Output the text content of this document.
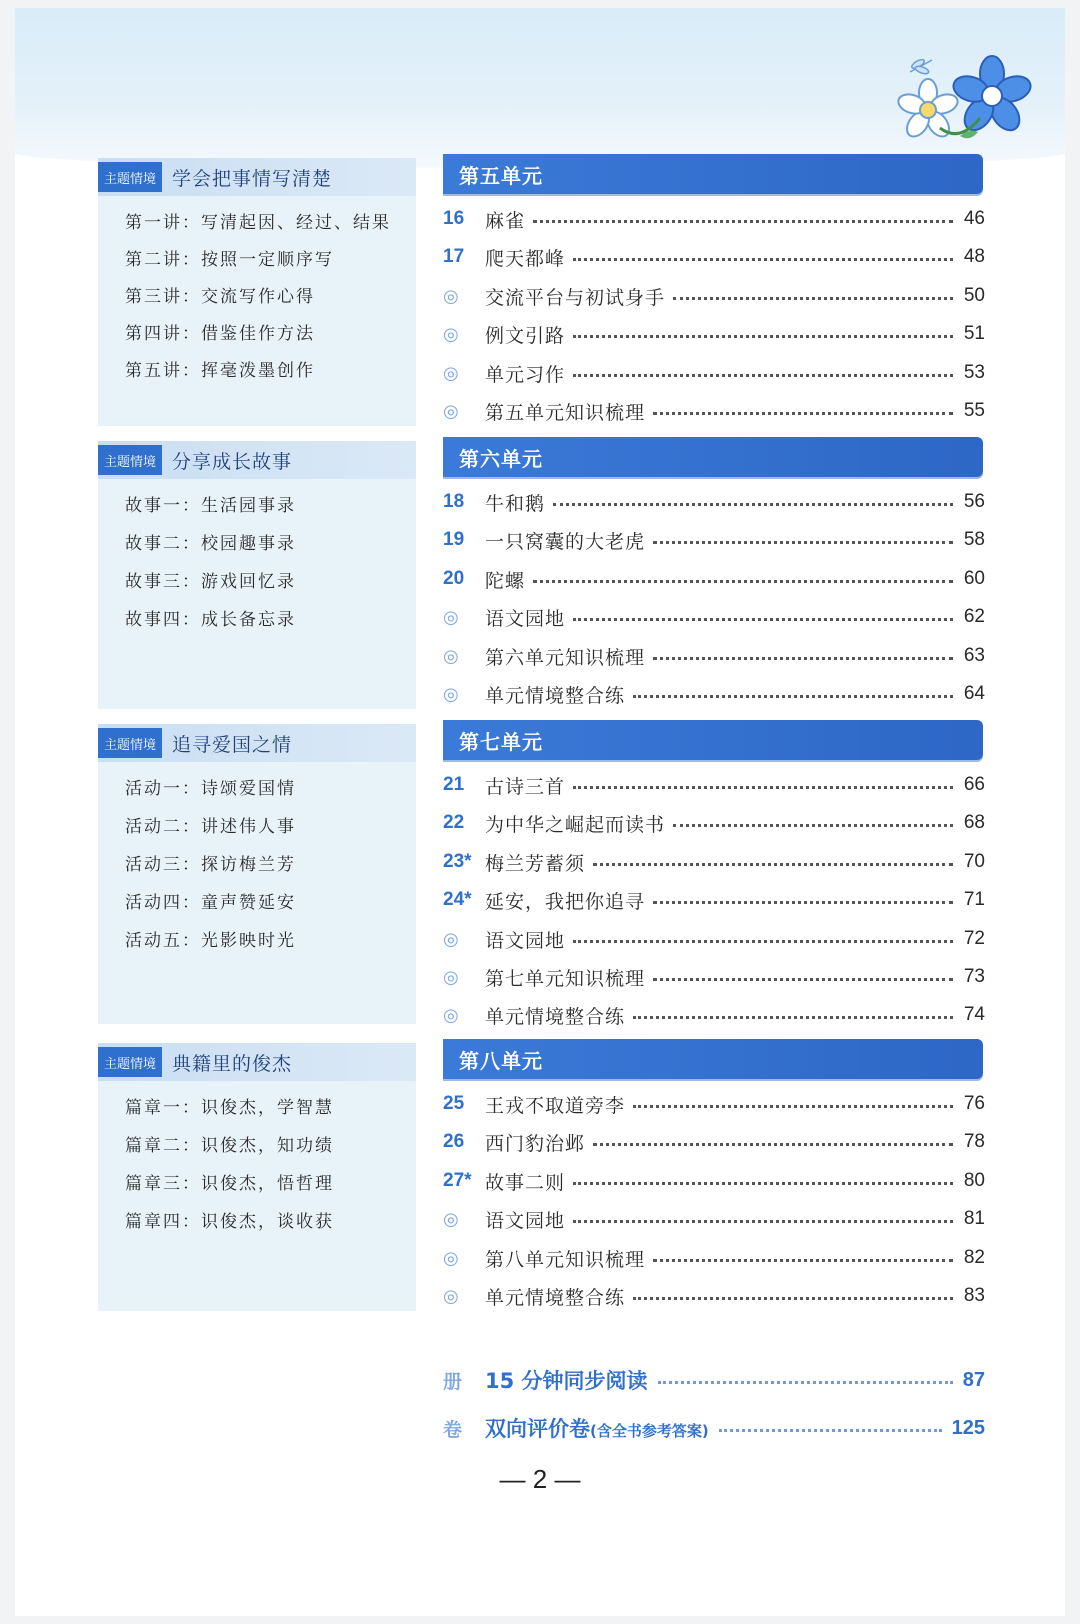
主题情境 学会把事情写清楚
第一讲：写清起因、经过、结果
第二讲：按照一定顺序写
第三讲：交流写作心得
第四讲：借鉴佳作方法
第五讲：挥毫泼墨创作
主题情境 分享成长故事
故事一：生活园事录
故事二：校园趣事录
故事三：游戏回忆录
故事四：成长备忘录
主题情境 追寻爱国之情
活动一：诗颂爱国情
活动二：讲述伟人事
活动三：探访梅兰芳
活动四：童声赞延安
活动五：光影映时光
主题情境 典籍里的俊杰
篇章一：识俊杰，学智慧
篇章二：识俊杰，知功绩
篇章三：识俊杰，悟哲理
篇章四：识俊杰，谈收获
第五单元
16	麻雀	46
17	爬天都峰	48
◎	交流平台与初试身手	50
◎	例文引路	51
◎	单元习作	53
◎	第五单元知识梳理	55
第六单元
18	牛和鹅	56
19	一只窝囊的大老虎	58
20	陀螺	60
◎	语文园地	62
◎	第六单元知识梳理	63
◎	单元情境整合练	64
第七单元
21	古诗三首	66
22	为中华之崛起而读书	68
23* 梅兰芳蓄须	70
24* 延安，我把你追寻	71
◎	语文园地	72
◎	第七单元知识梳理	73
◎	单元情境整合练	74
第八单元
25	王戎不取道旁李	76
26	西门豹治邺	78
27* 故事二则	80
◎	语文园地	81
◎	第八单元知识梳理	82
◎	单元情境整合练	83
册	15 分钟同步阅读	87
卷	双向评价卷(含全书参考答案)	125
— 2 —
